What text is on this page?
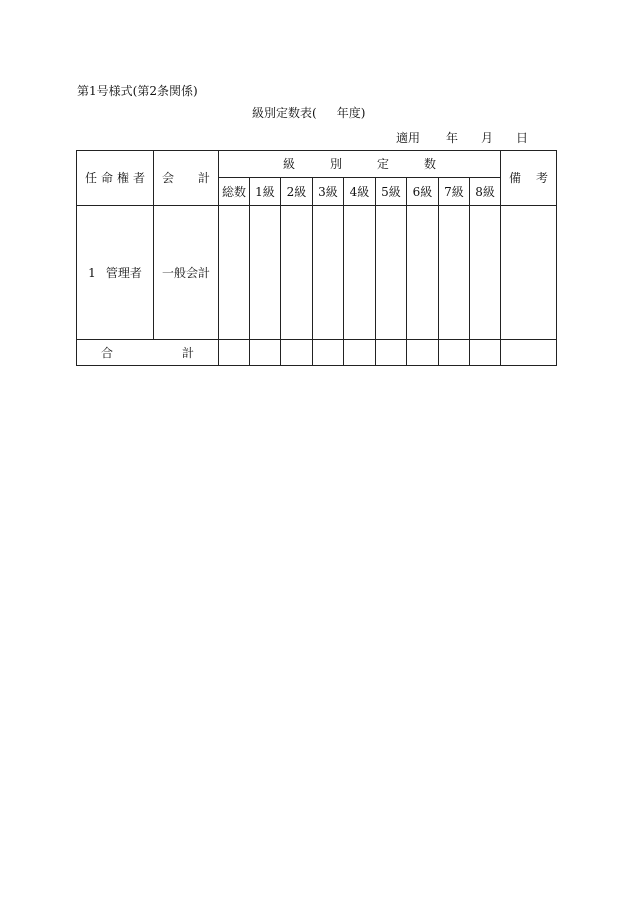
第1号様式(第2条関係)
級別定数表( 年度)
適用 年 月 日
任 命 権 者	会 計	級 別 定 数									備 考

		総数	1級	2級	3級	4級	5級	6級	7級	8級	

1 管理者	一般会計										

合 計											
